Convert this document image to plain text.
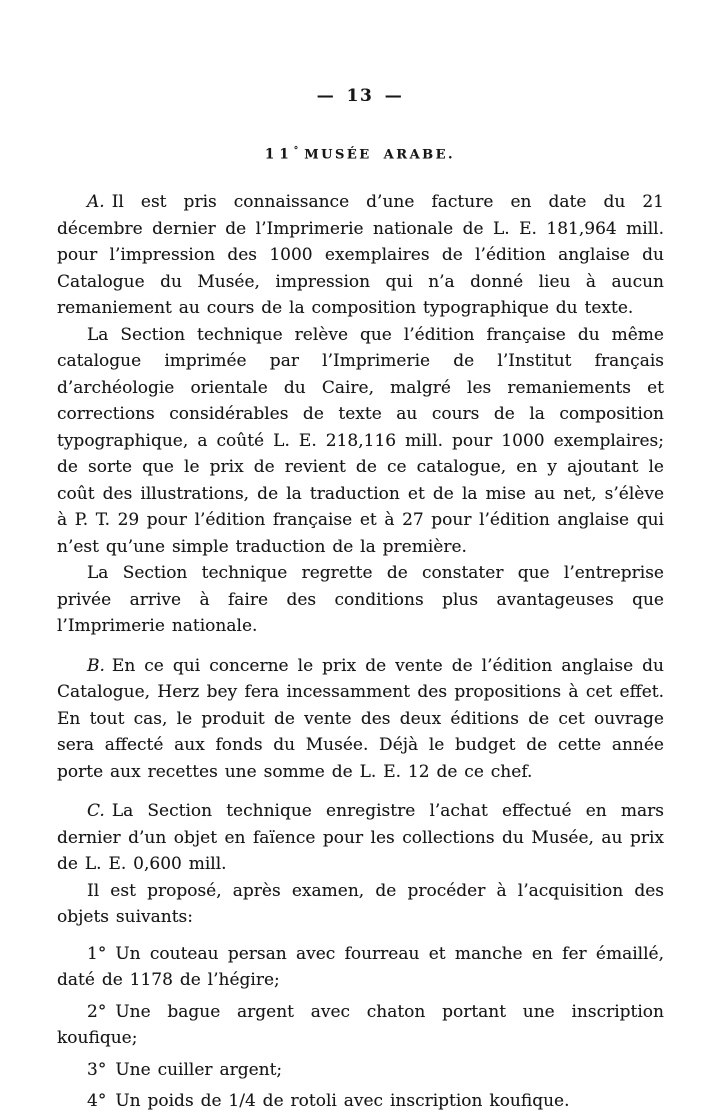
— 13 —
11° MUSÉE ARABE.

A. Il est pris connaissance d’une facture en date du 21 décembre dernier de l’Imprimerie nationale de L. E. 181,964 mill. pour l’impression des 1000 exemplaires de l’édition anglaise du Catalogue du Musée, impression qui n’a donné lieu à aucun remaniement au cours de la composition typographique du texte.

La Section technique relève que l’édition française du même catalogue imprimée par l’Imprimerie de l’Institut français d’archéologie orientale du Caire, malgré les remaniements et corrections considérables de texte au cours de la composition typographique, a coûté L. E. 218,116 mill. pour 1000 exemplaires; de sorte que le prix de revient de ce catalogue, en y ajoutant le coût des illustrations, de la traduction et de la mise au net, s’élève à P. T. 29 pour l’édition française et à 27 pour l’édition anglaise qui n’est qu’une simple traduction de la première.

La Section technique regrette de constater que l’entreprise privée arrive à faire des conditions plus avantageuses que l’Imprimerie nationale.

B. En ce qui concerne le prix de vente de l’édition anglaise du Catalogue, Herz bey fera incessamment des propositions à cet effet. En tout cas, le produit de vente des deux éditions de cet ouvrage sera affecté aux fonds du Musée. Déjà le budget de cette année porte aux recettes une somme de L. E. 12 de ce chef.

C. La Section technique enregistre l’achat effectué en mars dernier d’un objet en faïence pour les collections du Musée, au prix de L. E. 0,600 mill.

Il est proposé, après examen, de procéder à l’acquisition des objets suivants:

1° Un couteau persan avec fourreau et manche en fer émaillé, daté de 1178 de l’hégire;

2° Une bague argent avec chaton portant une inscription koufique;

3° Une cuiller argent;

4° Un poids de 1/4 de rotoli avec inscription koufique.
